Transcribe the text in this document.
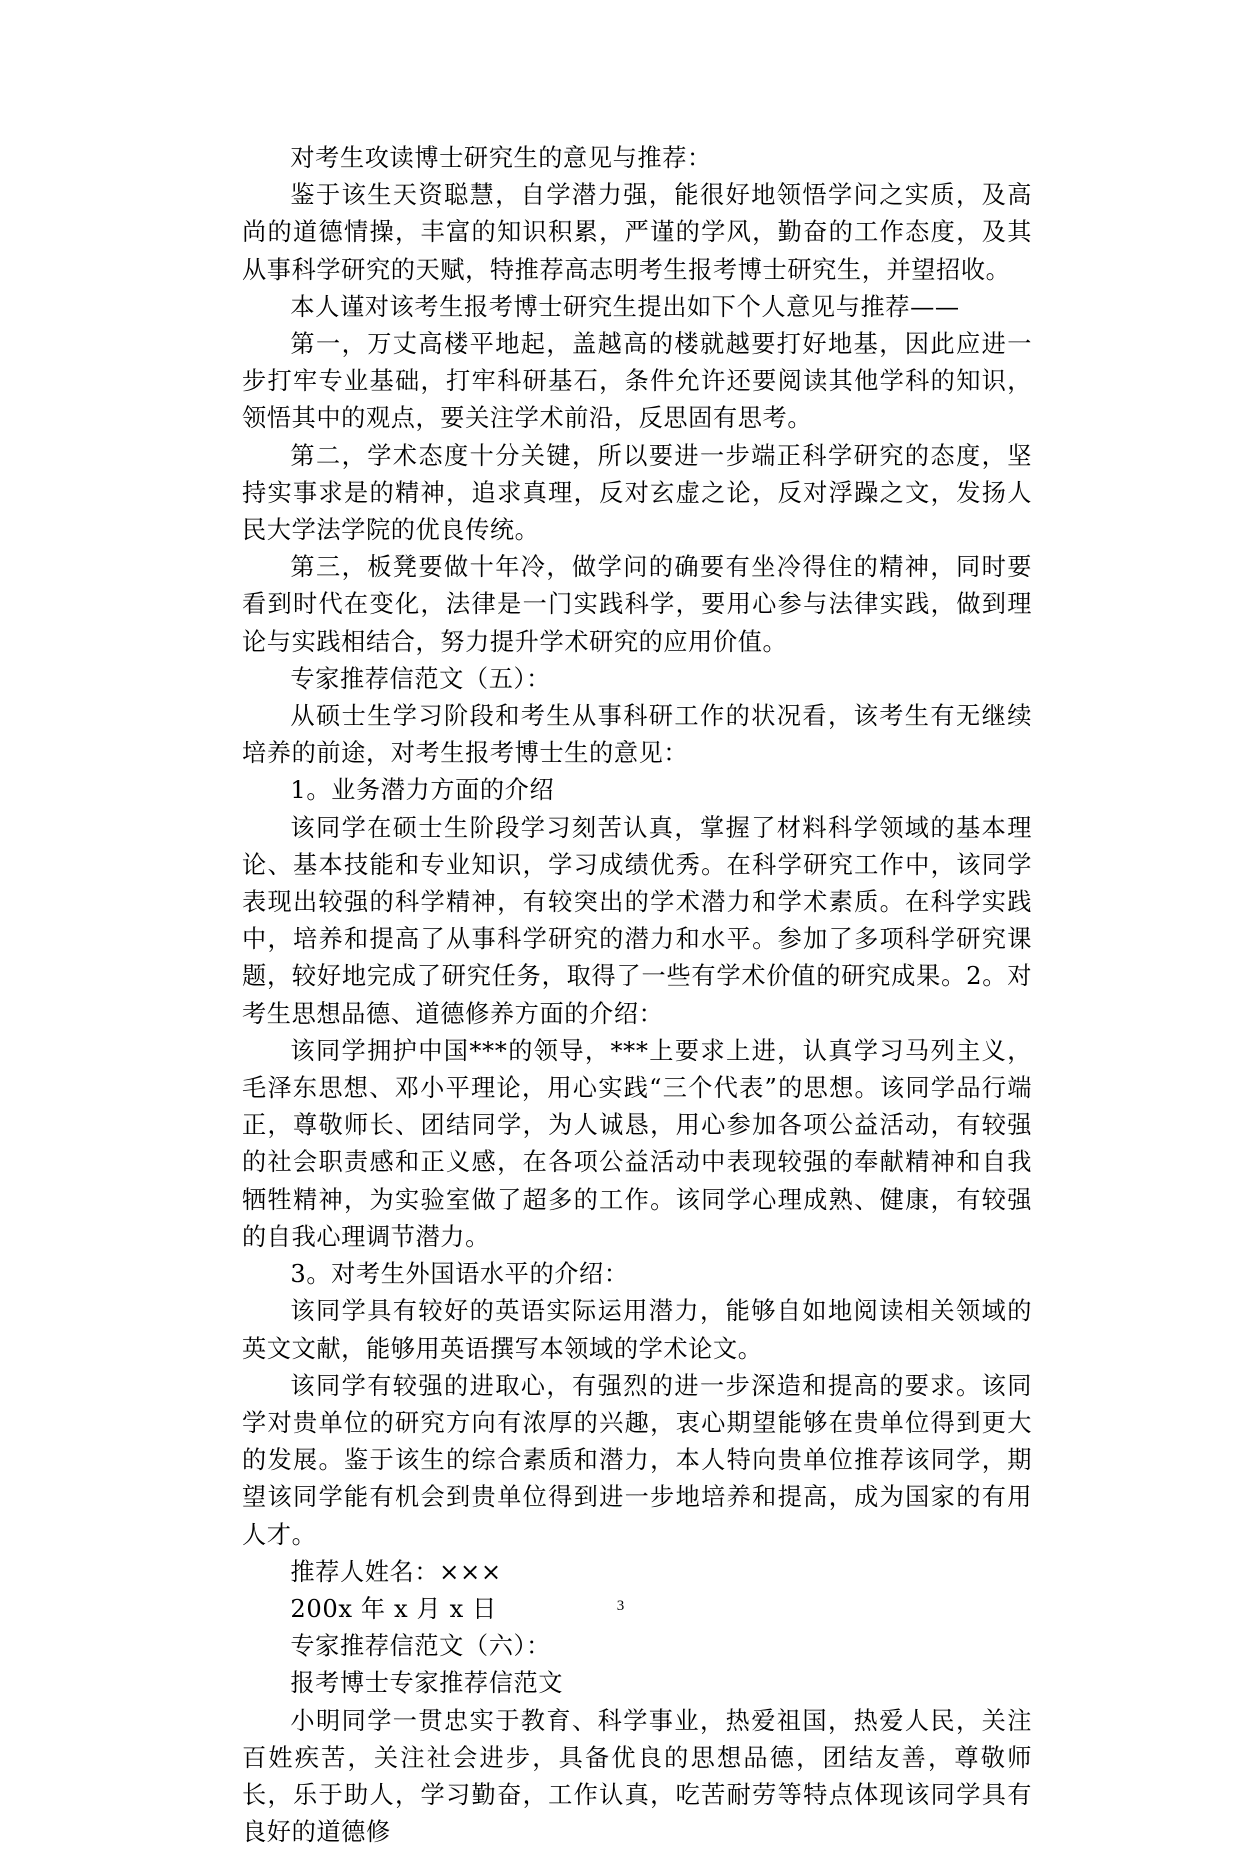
对考生攻读博士研究生的意见与推荐：

鉴于该生天资聪慧，自学潜力强，能很好地领悟学问之实质，及高尚的道德情操，丰富的知识积累，严谨的学风，勤奋的工作态度，及其从事科学研究的天赋，特推荐高志明考生报考博士研究生，并望招收。

本人谨对该考生报考博士研究生提出如下个人意见与推荐——

第一，万丈高楼平地起，盖越高的楼就越要打好地基，因此应进一步打牢专业基础，打牢科研基石，条件允许还要阅读其他学科的知识，领悟其中的观点，要关注学术前沿，反思固有思考。

第二，学术态度十分关键，所以要进一步端正科学研究的态度，坚持实事求是的精神，追求真理，反对玄虚之论，反对浮躁之文，发扬人民大学法学院的优良传统。

第三，板凳要做十年冷，做学问的确要有坐冷得住的精神，同时要看到时代在变化，法律是一门实践科学，要用心参与法律实践，做到理论与实践相结合，努力提升学术研究的应用价值。

专家推荐信范文（五）：

从硕士生学习阶段和考生从事科研工作的状况看，该考生有无继续培养的前途，对考生报考博士生的意见：

1。业务潜力方面的介绍

该同学在硕士生阶段学习刻苦认真，掌握了材料科学领域的基本理论、基本技能和专业知识，学习成绩优秀。在科学研究工作中，该同学表现出较强的科学精神，有较突出的学术潜力和学术素质。在科学实践中，培养和提高了从事科学研究的潜力和水平。参加了多项科学研究课题，较好地完成了研究任务，取得了一些有学术价值的研究成果。2。对考生思想品德、道德修养方面的介绍：

该同学拥护中国***的领导，***上要求上进，认真学习马列主义，毛泽东思想、邓小平理论，用心实践“三个代表”的思想。该同学品行端正，尊敬师长、团结同学，为人诚恳，用心参加各项公益活动，有较强的社会职责感和正义感，在各项公益活动中表现较强的奉献精神和自我牺牲精神，为实验室做了超多的工作。该同学心理成熟、健康，有较强的自我心理调节潜力。

3。对考生外国语水平的介绍：

该同学具有较好的英语实际运用潜力，能够自如地阅读相关领域的英文文献，能够用英语撰写本领域的学术论文。

该同学有较强的进取心，有强烈的进一步深造和提高的要求。该同学对贵单位的研究方向有浓厚的兴趣，衷心期望能够在贵单位得到更大的发展。鉴于该生的综合素质和潜力，本人特向贵单位推荐该同学，期望该同学能有机会到贵单位得到进一步地培养和提高，成为国家的有用人才。

推荐人姓名：×××

200x 年 x 月 x 日

专家推荐信范文（六）：

报考博士专家推荐信范文

小明同学一贯忠实于教育、科学事业，热爱祖国，热爱人民，关注百姓疾苦，关注社会进步，具备优良的思想品德，团结友善，尊敬师长，乐于助人，学习勤奋，工作认真，吃苦耐劳等特点体现该同学具有良好的道德修

3
